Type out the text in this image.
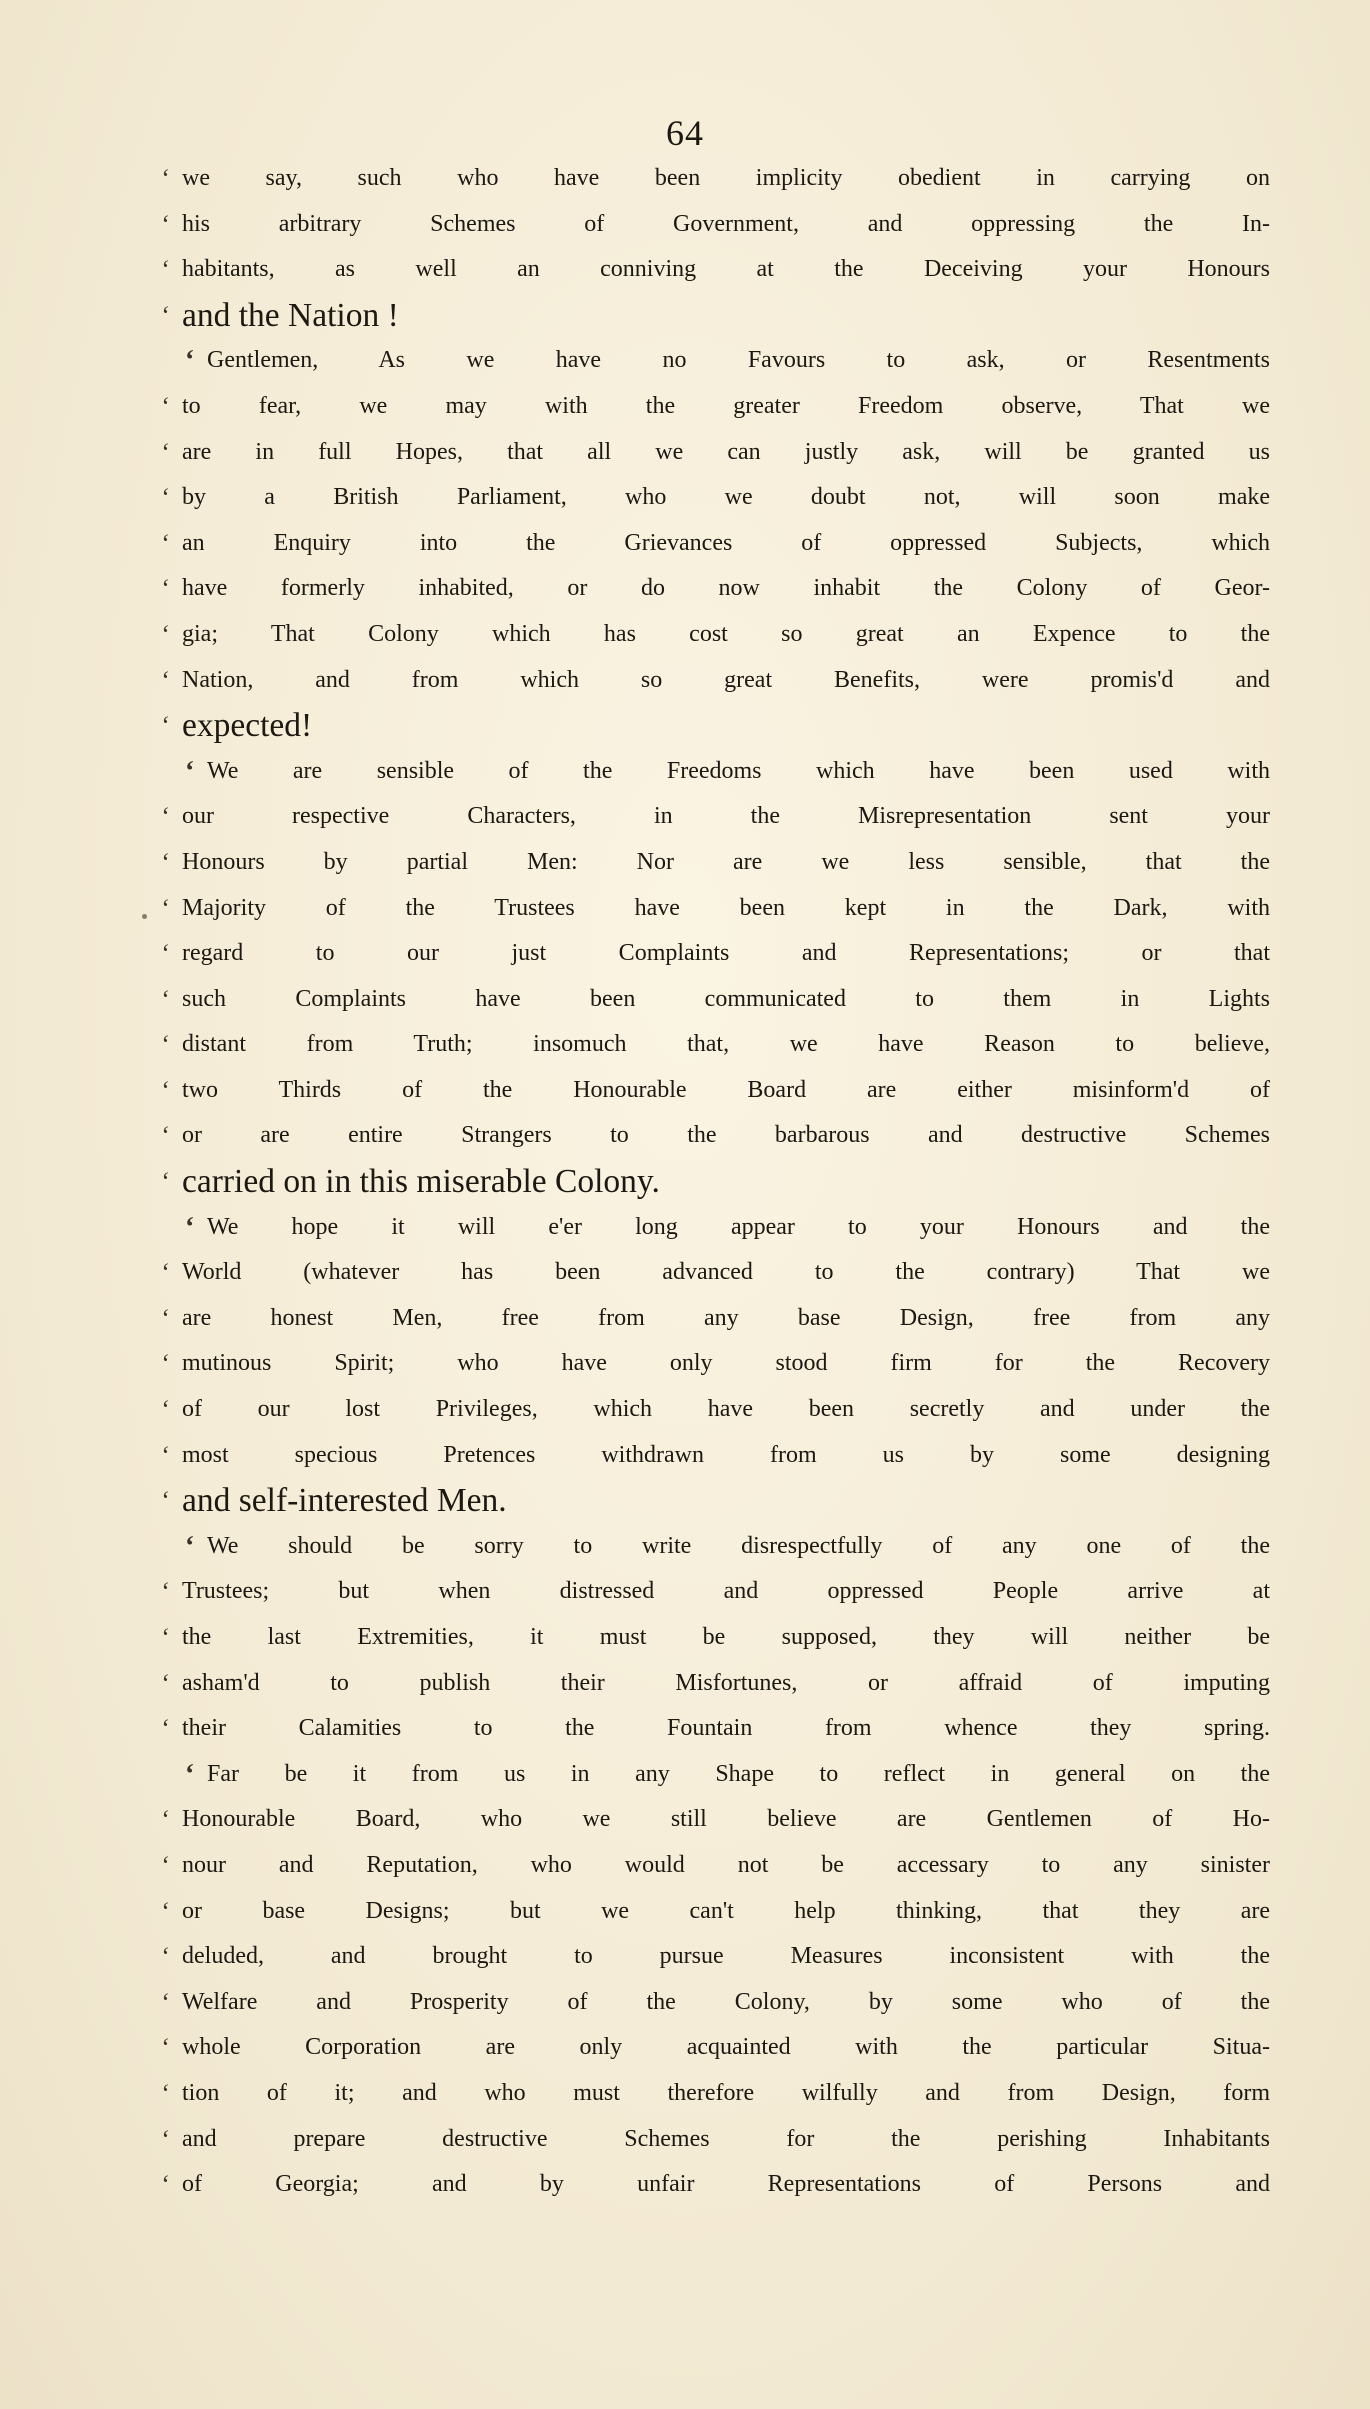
64
‘ we say, such who have been implicity obedient in carrying on
‘ his arbitrary Schemes of Government, and oppressing the In-
‘ habitants, as well an conniving at the Deceiving your Honours
‘ and the Nation !
‘ Gentlemen, As we have no Favours to ask, or Resentments
‘ to fear, we may with the greater Freedom observe, That we
‘ are in full Hopes, that all we can justly ask, will be granted us
‘ by a British Parliament, who we doubt not, will soon make
‘ an Enquiry into the Grievances of oppressed Subjects, which
‘ have formerly inhabited, or do now inhabit the Colony of Geor-
‘ gia; That Colony which has cost so great an Expence to the
‘ Nation, and from which so great Benefits, were promis'd and
‘ expected!
‘ We are sensible of the Freedoms which have been used with
‘ our respective Characters, in the Misrepresentation sent your
‘ Honours by partial Men: Nor are we less sensible, that the
‘ Majority of the Trustees have been kept in the Dark, with
‘ regard to our just Complaints and Representations; or that
‘ such Complaints have been communicated to them in Lights
‘ distant from Truth; insomuch that, we have Reason to believe,
‘ two Thirds of the Honourable Board are either misinform'd of
‘ or are entire Strangers to the barbarous and destructive Schemes
‘ carried on in this miserable Colony.
‘ We hope it will e'er long appear to your Honours and the
‘ World (whatever has been advanced to the contrary) That we
‘ are honest Men, free from any base Design, free from any
‘ mutinous Spirit; who have only stood firm for the Recovery
‘ of our lost Privileges, which have been secretly and under the
‘ most specious Pretences withdrawn from us by some designing
‘ and self-interested Men.
‘ We should be sorry to write disrespectfully of any one of the
‘ Trustees; but when distressed and oppressed People arrive at
‘ the last Extremities, it must be supposed, they will neither be
‘ asham'd to publish their Misfortunes, or affraid of imputing
‘ their Calamities to the Fountain from whence they spring.
‘ Far be it from us in any Shape to reflect in general on the
‘ Honourable Board, who we still believe are Gentlemen of Ho-
‘ nour and Reputation, who would not be accessary to any sinister
‘ or base Designs; but we can't help thinking, that they are
‘ deluded, and brought to pursue Measures inconsistent with the
‘ Welfare and Prosperity of the Colony, by some who of the
‘ whole Corporation are only acquainted with the particular Situa-
‘ tion of it; and who must therefore wilfully and from Design, form
‘ and prepare destructive Schemes for the perishing Inhabitants
‘ of Georgia; and by unfair Representations of Persons and
